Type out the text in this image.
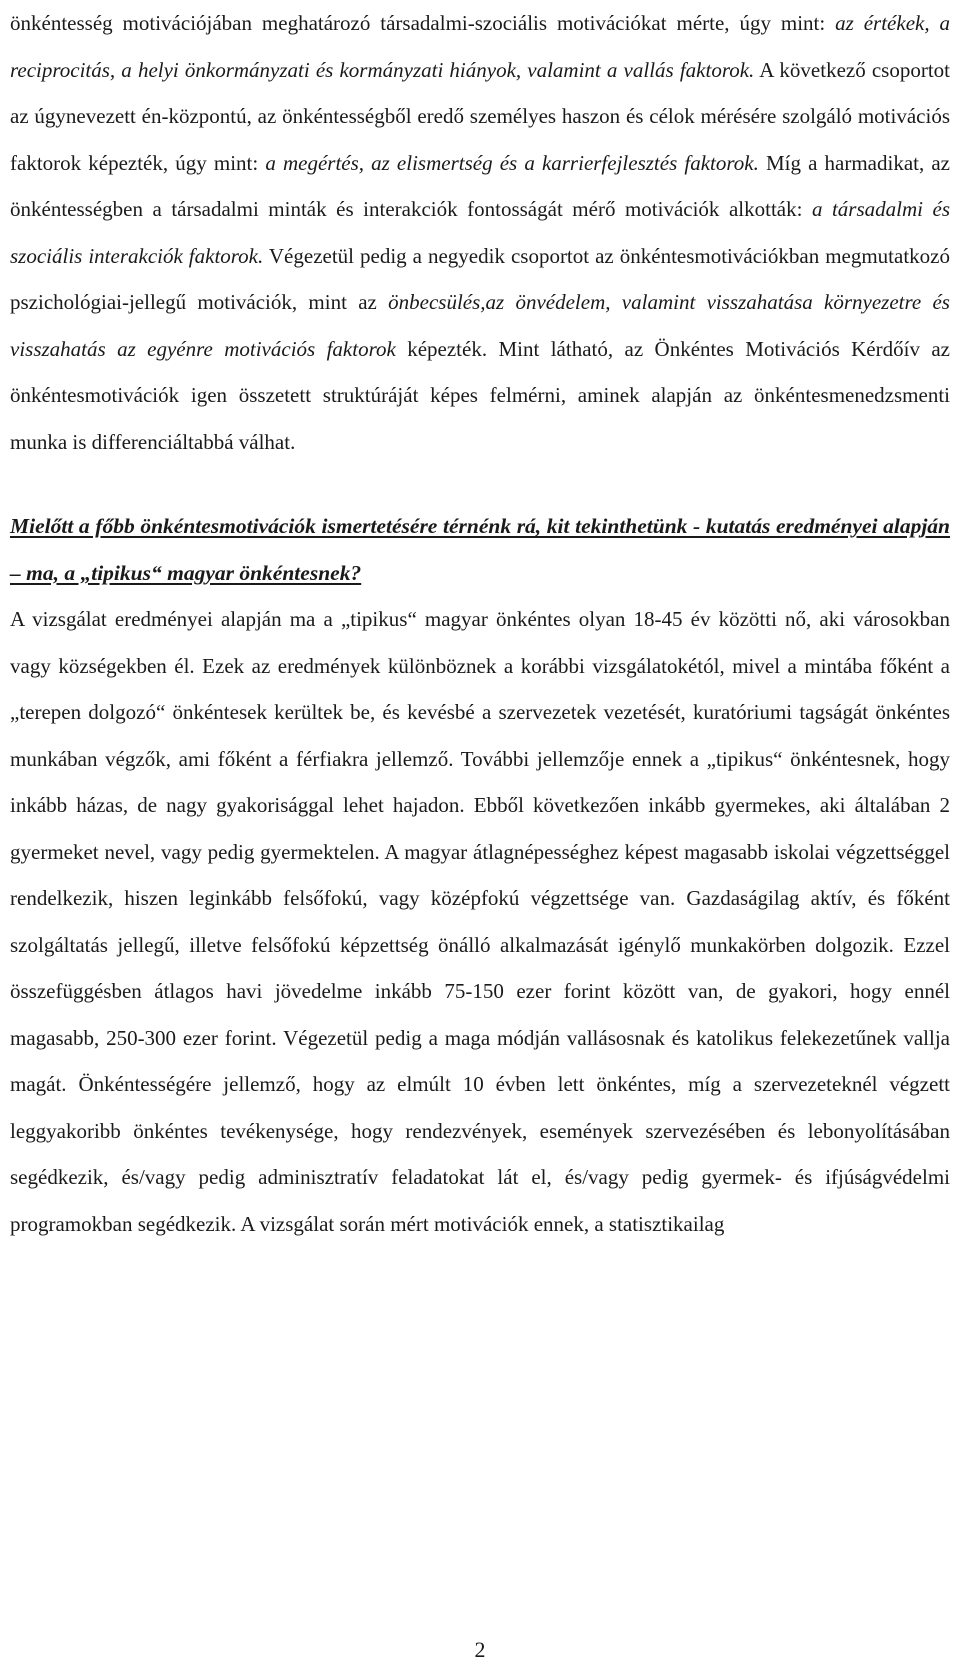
önkéntesség motivációjában meghatározó társadalmi-szociális motivációkat mérte, úgy mint: az értékek, a reciprocitás, a helyi önkormányzati és kormányzati hiányok, valamint a vallás faktorok. A következő csoportot az úgynevezett én-központú, az önkéntességből eredő személyes haszon és célok mérésére szolgáló motivációs faktorok képezték, úgy mint: a megértés, az elismertség és a karrierfejlesztés faktorok. Míg a harmadikat, az önkéntességben a társadalmi minták és interakciók fontosságát mérő motivációk alkották: a társadalmi és szociális interakciók faktorok. Végezetül pedig a negyedik csoportot az önkéntesmotivációkban megmutatkozó pszichológiai-jellegű motivációk, mint az önbecsülés,az önvédelem, valamint visszahatása környezetre és visszahatás az egyénre motivációs faktorok képezték. Mint látható, az Önkéntes Motivációs Kérdőív az önkéntesmotivációk igen összetett struktúráját képes felmérni, aminek alapján az önkéntesmenedzsmenti munka is differenciáltabbá válhat.

Mielőtt a főbb önkéntesmotivációk ismertetésére térnénk rá, kit tekinthetünk - kutatás eredményei alapján – ma, a „tipikus“ magyar önkéntesnek?

A vizsgálat eredményei alapján ma a „tipikus“ magyar önkéntes olyan 18-45 év közötti nő, aki városokban vagy községekben él. Ezek az eredmények különböznek a korábbi vizsgálatokétól, mivel a mintába főként a „terepen dolgozó“ önkéntesek kerültek be, és kevésbé a szervezetek vezetését, kuratóriumi tagságát önkéntes munkában végzők, ami főként a férfiakra jellemző. További jellemzője ennek a „tipikus“ önkéntesnek, hogy inkább házas, de nagy gyakorisággal lehet hajadon. Ebből következően inkább gyermekes, aki általában 2 gyermeket nevel, vagy pedig gyermektelen. A magyar átlagnépességhez képest magasabb iskolai végzettséggel rendelkezik, hiszen leginkább felsőfokú, vagy középfokú végzettsége van. Gazdaságilag aktív, és főként szolgáltatás jellegű, illetve felsőfokú képzettség önálló alkalmazását igénylő munkakörben dolgozik. Ezzel összefüggésben átlagos havi jövedelme inkább 75-150 ezer forint között van, de gyakori, hogy ennél magasabb, 250-300 ezer forint. Végezetül pedig a maga módján vallásosnak és katolikus felekezetűnek vallja magát. Önkéntességére jellemző, hogy az elmúlt 10 évben lett önkéntes, míg a szervezeteknél végzett leggyakoribb önkéntes tevékenysége, hogy rendezvények, események szervezésében és lebonyolításában segédkezik, és/vagy pedig adminisztratív feladatokat lát el, és/vagy pedig gyermek- és ifjúságvédelmi programokban segédkezik. A vizsgálat során mért motivációk ennek, a statisztikailag

2
